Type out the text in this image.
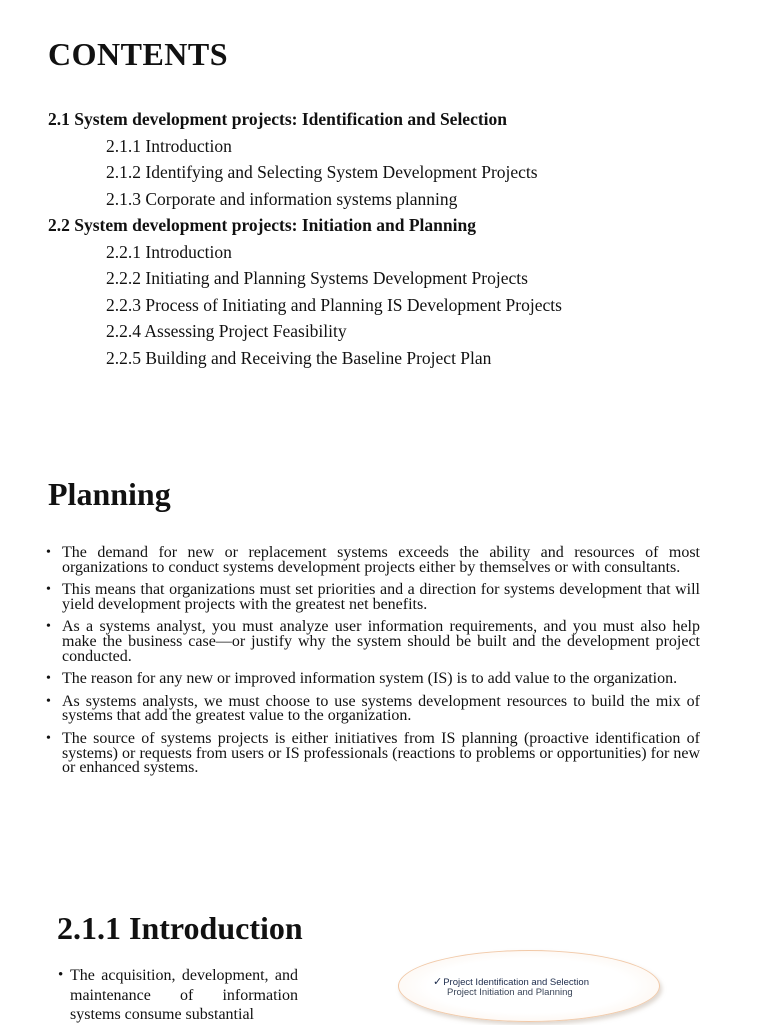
CONTENTS
2.1 System development projects: Identification and Selection
2.1.1 Introduction
2.1.2 Identifying and Selecting System Development Projects
2.1.3 Corporate and information systems planning
2.2 System development projects: Initiation and Planning
2.2.1 Introduction
2.2.2 Initiating and Planning Systems Development Projects
2.2.3 Process of Initiating and Planning IS Development Projects
2.2.4 Assessing Project Feasibility
2.2.5 Building and Receiving the Baseline Project Plan
Planning
• The demand for new or replacement systems exceeds the ability and resources of most organizations to conduct systems development projects either by themselves or with consultants.
• This means that organizations must set priorities and a direction for systems development that will yield development projects with the greatest net benefits.
• As a systems analyst, you must analyze user information requirements, and you must also help make the business case—or justify why the system should be built and the development project conducted.
• The reason for any new or improved information system (IS) is to add value to the organization.
• As systems analysts, we must choose to use systems development resources to build the mix of systems that add the greatest value to the organization.
• The source of systems projects is either initiatives from IS planning (proactive identification of systems) or requests from users or IS professionals (reactions to problems or opportunities) for new or enhanced systems.
2.1.1 Introduction
• The acquisition, development, and maintenance of information systems consume substantial
✓Project Identification and Selection
Project Initiation and Planning
